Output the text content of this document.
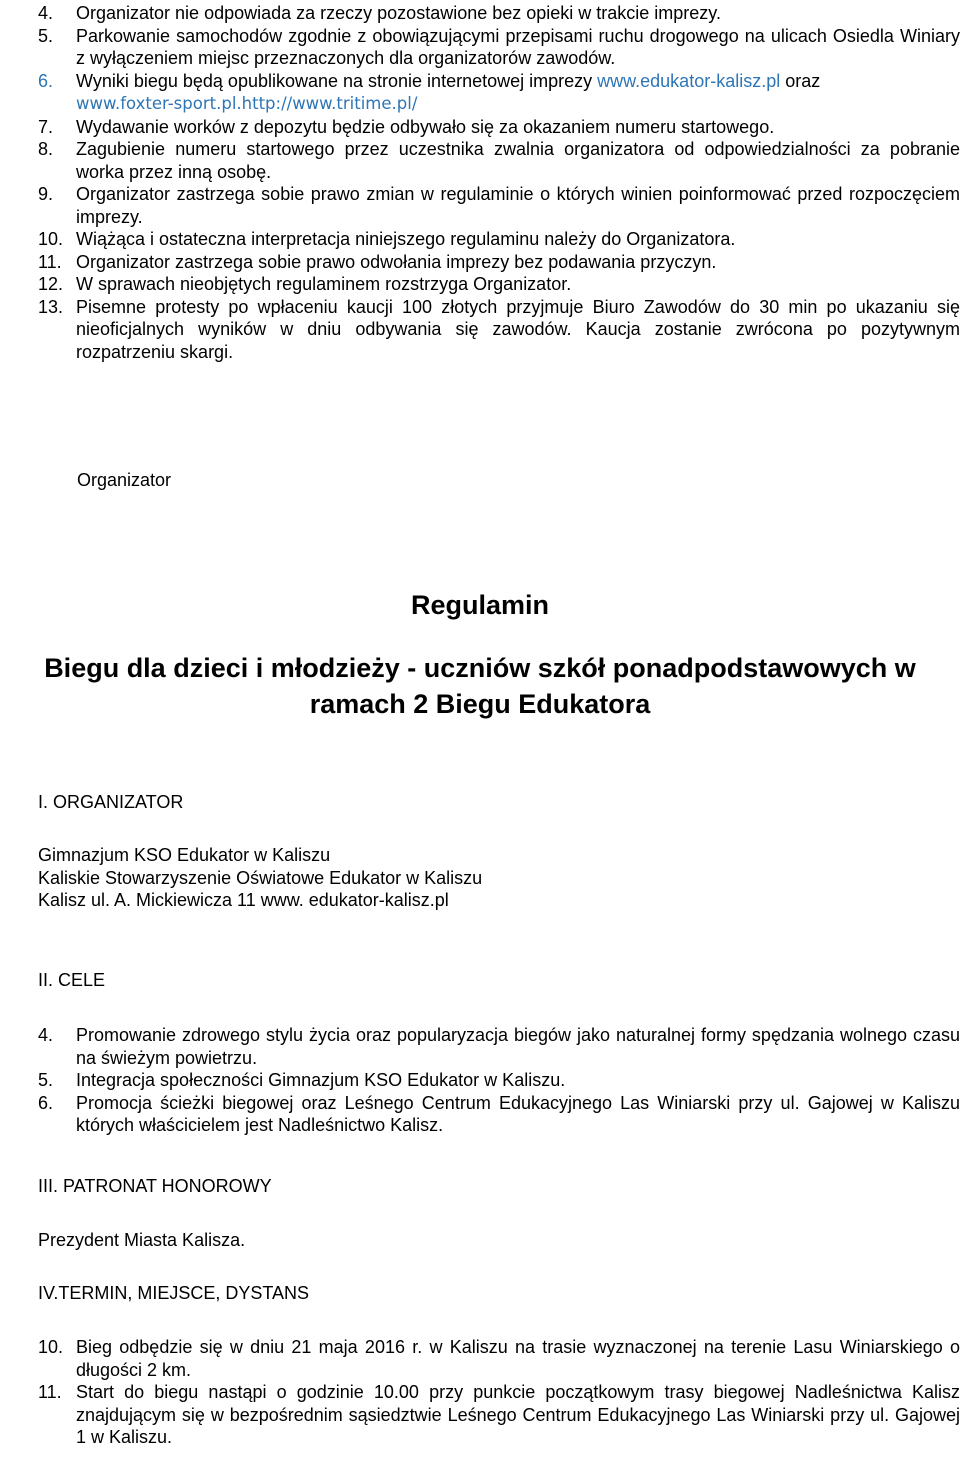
4. Organizator nie odpowiada za rzeczy pozostawione bez opieki w trakcie imprezy.
5. Parkowanie samochodów zgodnie z obowiązującymi przepisami ruchu drogowego na ulicach Osiedla Winiary z wyłączeniem miejsc przeznaczonych dla organizatorów zawodów.
6. Wyniki biegu będą opublikowane na stronie internetowej imprezy www.edukator-kalisz.pl oraz
www.foxter-sport.pl.http://www.tritime.pl/
7. Wydawanie worków z depozytu będzie odbywało się za okazaniem numeru startowego.
8. Zagubienie numeru startowego przez uczestnika zwalnia organizatora od odpowiedzialności za pobranie worka przez inną osobę.
9. Organizator zastrzega sobie prawo zmian w regulaminie o których winien poinformować przed rozpoczęciem imprezy.
10. Wiążąca i ostateczna interpretacja niniejszego regulaminu należy do Organizatora.
11. Organizator zastrzega sobie prawo odwołania imprezy bez podawania przyczyn.
12. W sprawach nieobjętych regulaminem rozstrzyga Organizator.
13. Pisemne protesty po wpłaceniu kaucji 100 złotych przyjmuje Biuro Zawodów do 30 min po ukazaniu się nieoficjalnych wyników w dniu odbywania się zawodów. Kaucja zostanie zwrócona po pozytywnym rozpatrzeniu skargi.
Organizator
Regulamin
Biegu dla dzieci i młodzieży - uczniów szkół ponadpodstawowych w ramach 2 Biegu Edukatora
I. ORGANIZATOR
Gimnazjum KSO Edukator w Kaliszu
Kaliskie Stowarzyszenie Oświatowe Edukator w Kaliszu
Kalisz ul. A. Mickiewicza 11 www. edukator-kalisz.pl
II. CELE
4. Promowanie zdrowego stylu życia oraz popularyzacja biegów jako naturalnej formy spędzania wolnego czasu na świeżym powietrzu.
5. Integracja społeczności Gimnazjum KSO Edukator w Kaliszu.
6. Promocja ścieżki biegowej oraz Leśnego Centrum Edukacyjnego Las Winiarski przy ul. Gajowej w Kaliszu których właścicielem jest Nadleśnictwo Kalisz.
III. PATRONAT HONOROWY
Prezydent Miasta Kalisza.
IV.TERMIN, MIEJSCE, DYSTANS
10. Bieg odbędzie się w dniu 21 maja 2016 r. w Kaliszu na trasie wyznaczonej na terenie Lasu Winiarskiego o długości 2 km.
11. Start do biegu nastąpi o godzinie 10.00 przy punkcie początkowym trasy biegowej Nadleśnictwa Kalisz znajdującym się w bezpośrednim sąsiedztwie Leśnego Centrum Edukacyjnego Las Winiarski przy ul. Gajowej 1 w Kaliszu.
